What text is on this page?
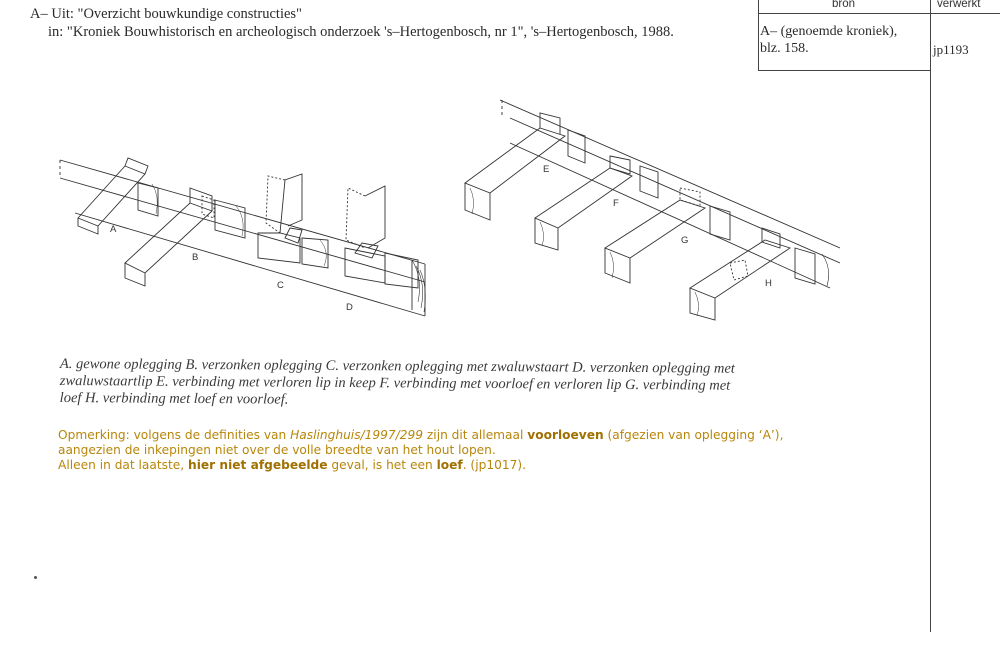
A– Uit: "Overzicht bouwkundige constructies"
in: "Kroniek Bouwhistorisch en archeologisch onderzoek 's–Hertogenbosch, nr 1", 's–Hertogenbosch, 1988.
bron	verwerkt
A– (genoemde kroniek),
blz. 158.	jp1193
A
B
C
D
E
F
G
H
A. gewone oplegging B. verzonken oplegging C. verzonken oplegging met zwaluwstaart D. verzonken oplegging met
zwaluwstaartlip E. verbinding met verloren lip in keep F. verbinding met voorloef en verloren lip G. verbinding met
loef H. verbinding met loef en voorloef.
Opmerking: volgens de definities van Haslinghuis/1997/299 zijn dit allemaal voorloeven (afgezien van oplegging ‘A’),
aangezien de inkepingen niet over de volle breedte van het hout lopen.
Alleen in dat laatste, hier niet afgebeelde geval, is het een loef. (jp1017).
